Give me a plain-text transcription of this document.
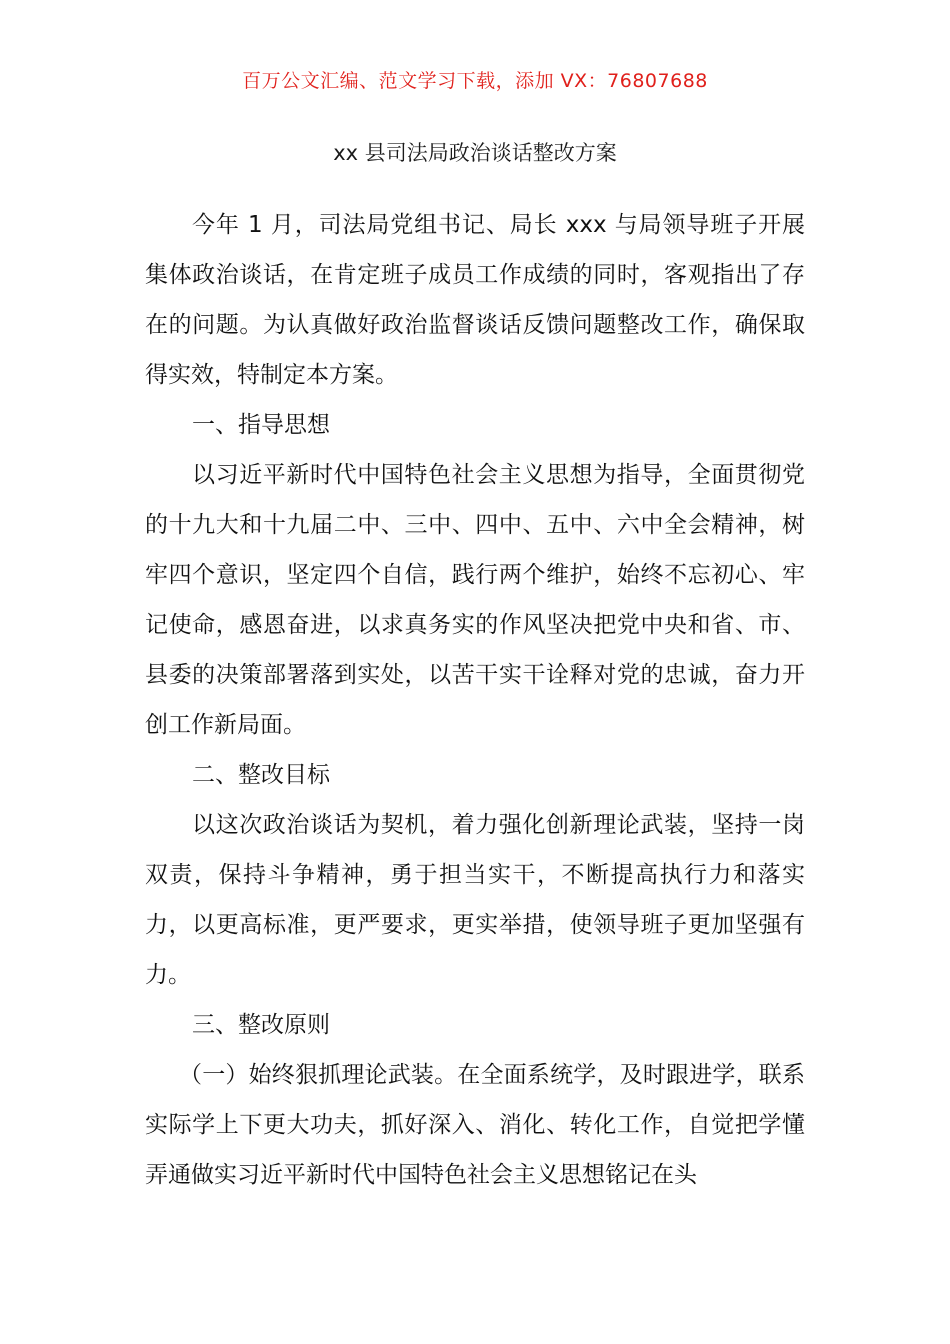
百万公文汇编、范文学习下载，添加 VX：76807688
xx 县司法局政治谈话整改方案

今年 1 月，司法局党组书记、局长 xxx 与局领导班子开展集体政治谈话，在肯定班子成员工作成绩的同时，客观指出了存在的问题。为认真做好政治监督谈话反馈问题整改工作，确保取得实效，特制定本方案。

一、指导思想

以习近平新时代中国特色社会主义思想为指导，全面贯彻党的十九大和十九届二中、三中、四中、五中、六中全会精神，树牢四个意识，坚定四个自信，践行两个维护，始终不忘初心、牢记使命，感恩奋进，以求真务实的作风坚决把党中央和省、市、县委的决策部署落到实处，以苦干实干诠释对党的忠诚，奋力开创工作新局面。

二、整改目标

以这次政治谈话为契机，着力强化创新理论武装，坚持一岗双责，保持斗争精神，勇于担当实干，不断提高执行力和落实力，以更高标准，更严要求，更实举措，使领导班子更加坚强有力。

三、整改原则

（一）始终狠抓理论武装。在全面系统学，及时跟进学，联系实际学上下更大功夫，抓好深入、消化、转化工作，自觉把学懂弄通做实习近平新时代中国特色社会主义思想铭记在头
